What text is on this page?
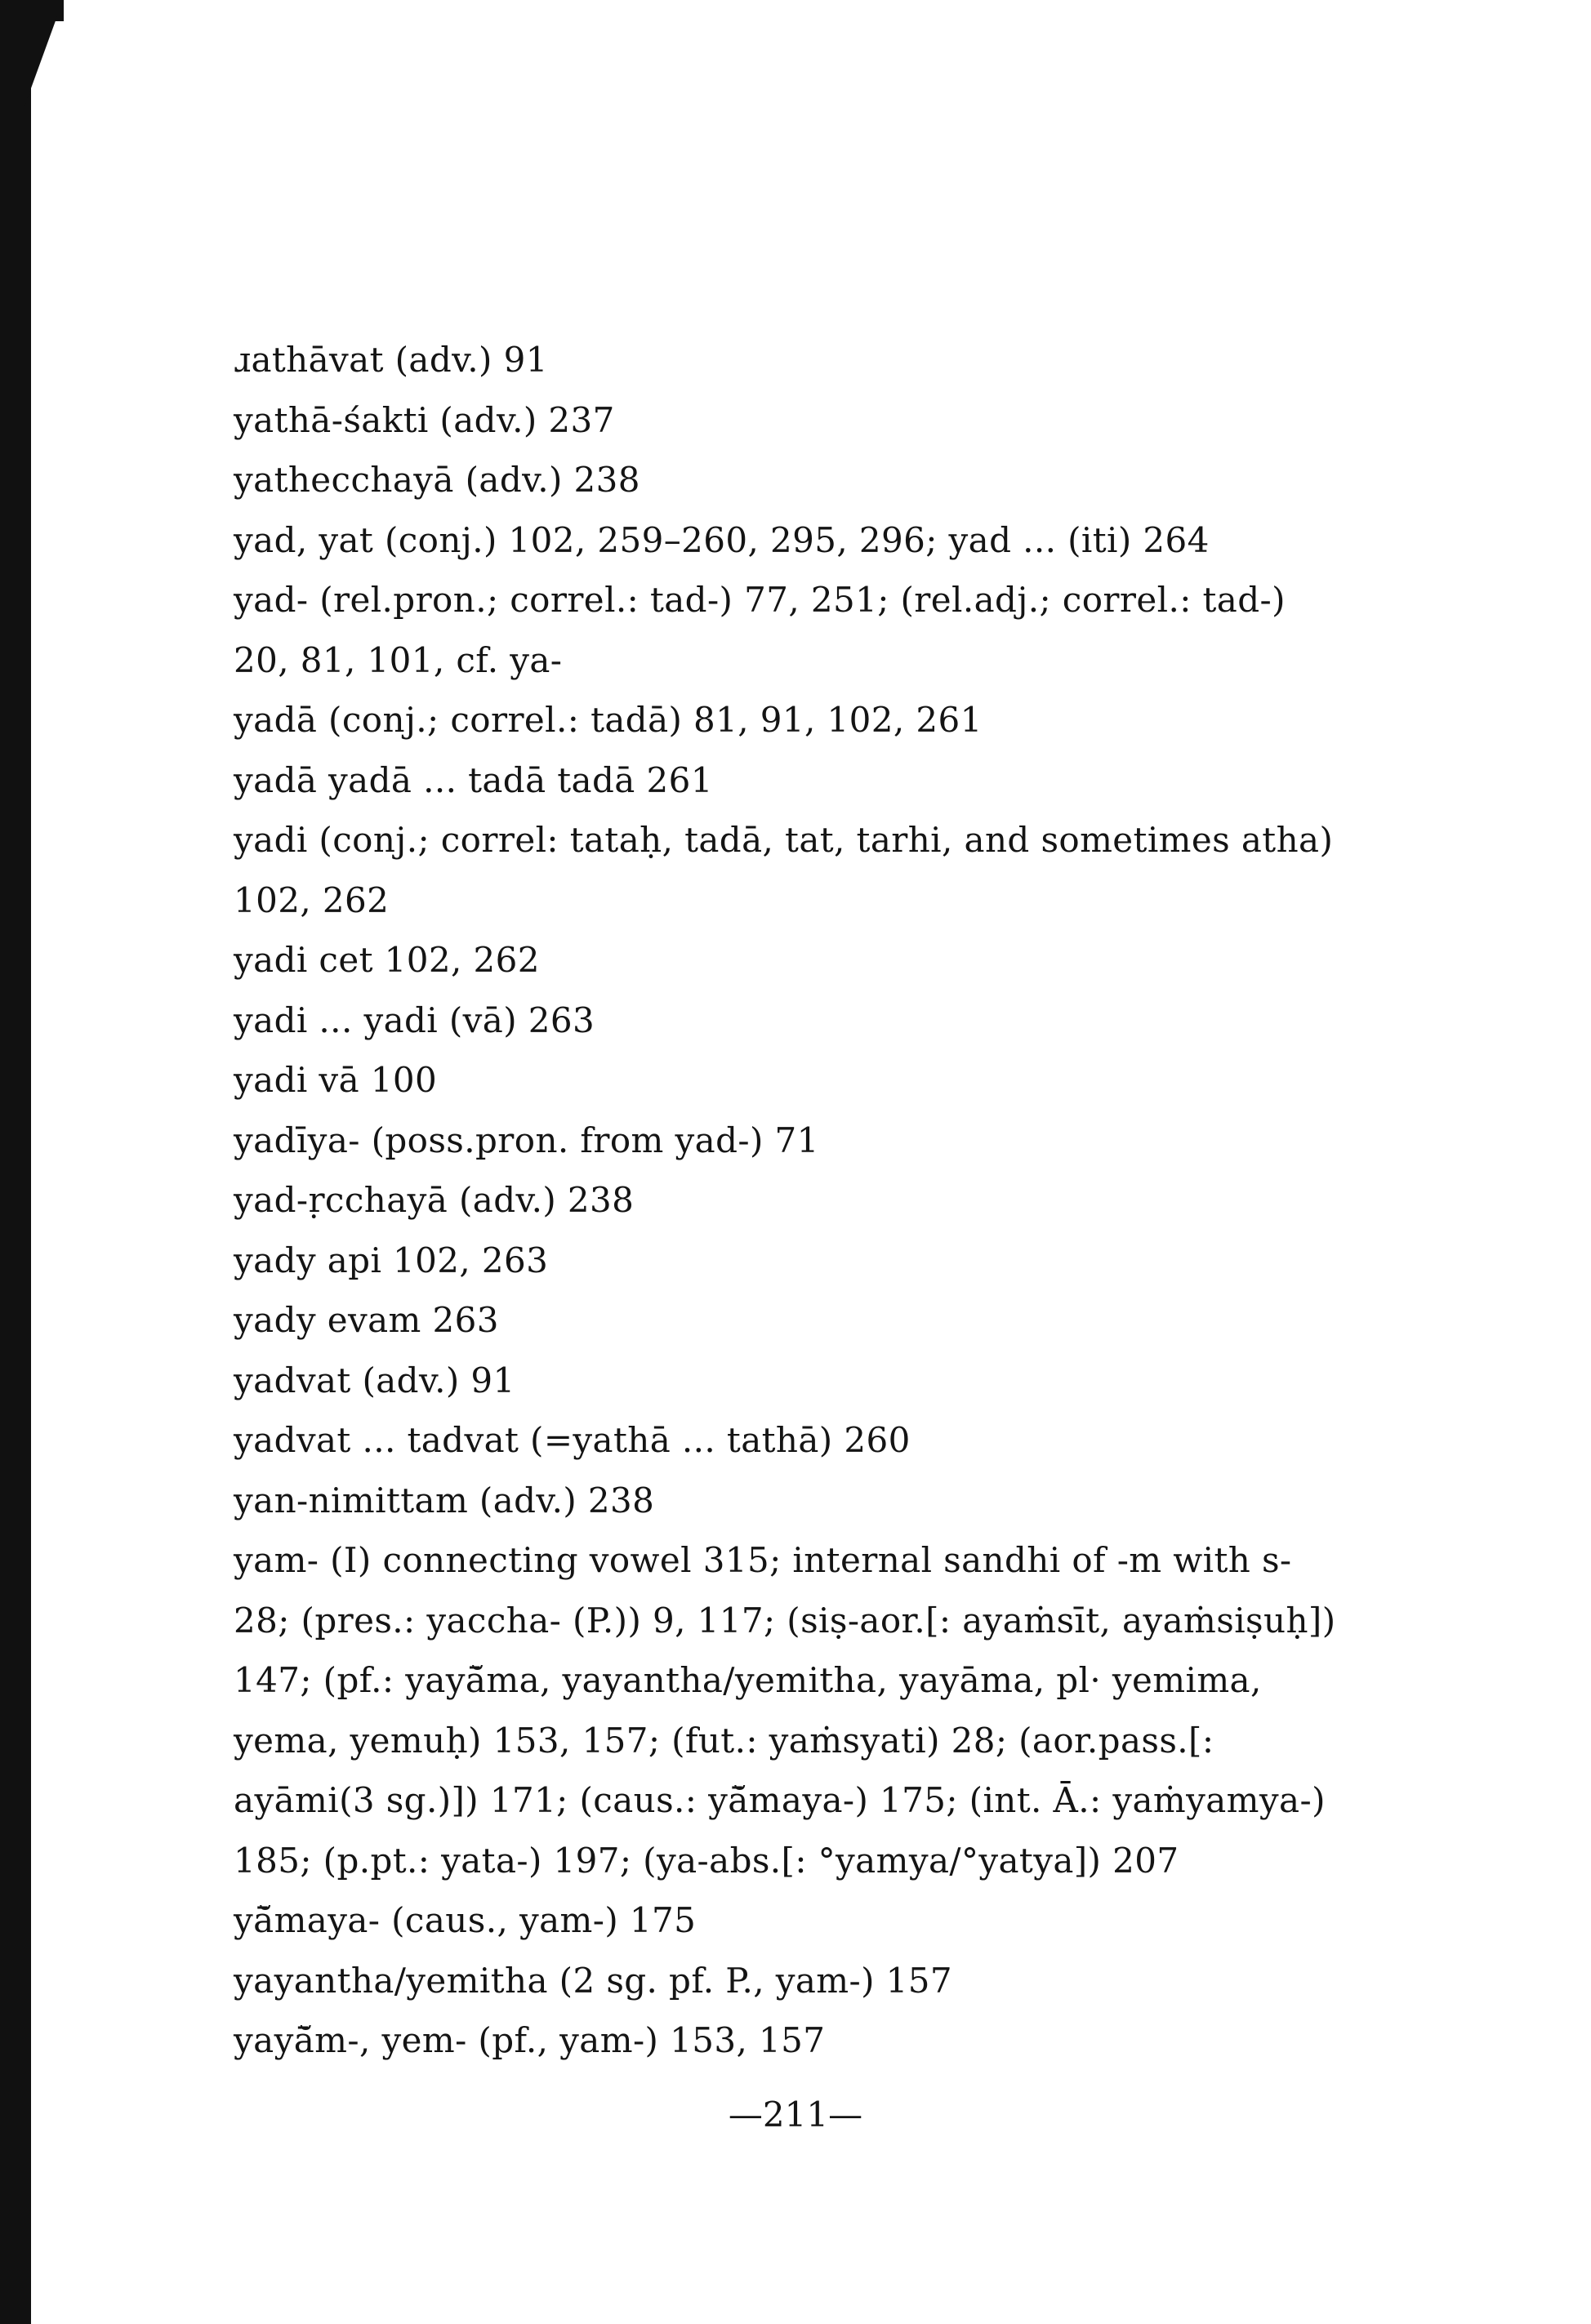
ɹathāvat (adv.) 91

yathā-śakti (adv.) 237

yathecchayā (adv.) 238

yad, yat (conj.) 102, 259–260, 295, 296; yad ... (iti) 264

yad- (rel.pron.; correl.: tad-) 77, 251; (rel.adj.; correl.: tad-)
20, 81, 101, cf. ya-

yadā (conj.; correl.: tadā) 81, 91, 102, 261

yadā yadā ... tadā tadā 261

yadi (conj.; correl: tataḥ, tadā, tat, tarhi, and sometimes atha)
102, 262

yadi cet 102, 262

yadi ... yadi (vā) 263

yadi vā 100

yadīya- (poss.pron. from yad-) 71

yad-ṛcchayā (adv.) 238

yady api 102, 263

yady evam 263

yadvat (adv.) 91

yadvat ... tadvat (=yathā ... tathā) 260

yan-nimittam (adv.) 238

yam- (I) connecting vowel 315; internal sandhi of -m with s-
28; (pres.: yaccha- (P.)) 9, 117; (siṣ-aor.[: ayaṁsīt, ayaṁsiṣuḥ])
147; (pf.: yayā̆ma, yayantha/yemitha, yayāma, pl· yemima,
yema, yemuḥ) 153, 157; (fut.: yaṁsyati) 28; (aor.pass.[:
ayāmi(3 sg.)]) 171; (caus.: yā̆maya-) 175; (int. Ā.: yaṁyamya-)
185; (p.pt.: yata-) 197; (ya-abs.[: °yamya/°yatya]) 207

yā̆maya- (caus., yam-) 175

yayantha/yemitha (2 sg. pf. P., yam-) 157

yayā̆m-, yem- (pf., yam-) 153, 157

—211—
